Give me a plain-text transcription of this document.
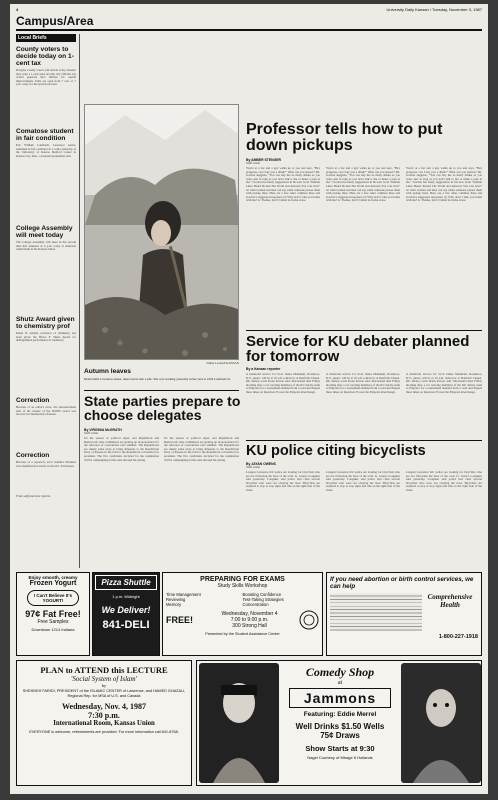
4	University Daily Kansan / Tuesday, November 3, 1987
Campus/Area
Local Briefs
County voters to decide today on 1-cent tax
Douglas County voters will decide today whether they want a 1-cent sales tax that city officials say would generate $4.2 million for capital improvements. Polls are open from 7 a.m. to 7 p.m. today for the special election.
Comatose student in fair condition
Eric William Lombardi, Lawrence senior, remained in fair condition in a coma yesterday at the University of Kansas Medical Center in Kansas City, Kan., a hospital spokesman said.
College Assembly will meet today
The College Assembly will meet in the second time this semester at 4 p.m. today at Alderson Auditorium in the Kansas Union.
Shutz Award given to chemistry prof
Ralph N. Adams, professor of chemistry, has been given the Bruce F. Shutz Award for distinguished performance in chemistry.
Correction
Because of an editor's error, the announcement date of the winner of the NOMS award was incorrect in Wednesday's Kansan.
Correction
Because of a reporter's error Jennifer Hawkins was identified incorrectly in the Oct. 30 Kansan.
From staff and wire reports.
Janine Leonard/KANSAN
Autumn leaves
Diana Dahl, Lawrence senior, rakes leaves into a pile. She was working yesterday in her yard at 2204 Louisiana St.
Professor tells how to put down pickups
By AMBER STENGER
Staff writer
You're at a bar and a guy walks up to you and says, "Hey gorgeous, can I buy you a drink?" What can you answer? Mr. Gordon suggests, "You can buy me as many drinks as you want, just as long as you don't talk to me or make a pass at me." Gordon has many suggestions in his new book "Infinite Lines Heard 'Round The World and Answers You Can Give" on what women and men can say when someone passes them with pickup lines. Here are a few other common lines and Gordon's suggested responses: Q: Why don't I take you home with me? A: Thanks, but I'd rather be home alone.
You're at a bar and a guy walks up to you and says, "Hey gorgeous, can I buy you a drink?" What can you answer? Mr. Gordon suggests, "You can buy me as many drinks as you want, just as long as you don't talk to me or make a pass at me." Gordon has many suggestions in his new book "Infinite Lines Heard 'Round The World and Answers You Can Give" on what women and men can say when someone passes them with pickup lines. Here are a few other common lines and Gordon's suggested responses: Q: Why don't I take you home with me? A: Thanks, but I'd rather be home alone.
You're at a bar and a guy walks up to you and says, "Hey gorgeous, can I buy you a drink?" What can you answer? Mr. Gordon suggests, "You can buy me as many drinks as you want, just as long as you don't talk to me or make a pass at me." Gordon has many suggestions in his new book "Infinite Lines Heard 'Round The World and Answers You Can Give" on what women and men can say when someone passes them with pickup lines. Here are a few other common lines and Gordon's suggested responses: Q: Why don't I take you home with me? A: Thanks, but I'd rather be home alone.
Service for KU debater planned for tomorrow
By a Kansan reporter
A memorial service for Scott James Markham, Rossmoor, N.Y., junior, will be at 10 a.m. tomorrow at Danforth Chapel. KU debate coach Donn Parson said. Macdonald died Friday morning after a car carrying members of the KU debate team to Emporia for a tournament skidded from a road and flipped three times on Interstate 35 near the Emporia interchange.
A memorial service for Scott James Markham, Rossmoor, N.Y., junior, will be at 10 a.m. tomorrow at Danforth Chapel. KU debate coach Donn Parson said. Macdonald died Friday morning after a car carrying members of the KU debate team to Emporia for a tournament skidded from a road and flipped three times on Interstate 35 near the Emporia interchange.
A memorial service for Scott James Markham, Rossmoor, N.Y., junior, will be at 10 a.m. tomorrow at Danforth Chapel. KU debate coach Donn Parson said. Macdonald died Friday morning after a car carrying members of the KU debate team to Emporia for a tournament skidded from a road and flipped three times on Interstate 35 near the Emporia interchange.
KU police citing bicyclists
By JAYAN OWENS
Staff writer
Longest Lawrence KU police are looking for bicyclists who are not following the laws of the road. Lt. Jessica Longaker said yesterday. Longaker said police had cited several bicyclists who were not obeying the laws. Bicyclists are required to stop at stop signs and ride on the right side of the street.
Longest Lawrence KU police are looking for bicyclists who are not following the laws of the road. Lt. Jessica Longaker said yesterday. Longaker said police had cited several bicyclists who were not obeying the laws. Bicyclists are required to stop at stop signs and ride on the right side of the street.
Longest Lawrence KU police are looking for bicyclists who are not following the laws of the road. Lt. Jessica Longaker said yesterday. Longaker said police had cited several bicyclists who were not obeying the laws. Bicyclists are required to stop at stop signs and ride on the right side of the street.
State parties prepare to choose delegates
By VIRGINIA McGRATH
Staff writer
It's the season of political rapes, and Republican and Democratic state committees are gearing up in preparation for the selection of conventions next summer. The Republicans are taking some steps to bring delegates to the Republican Party of Kansas in the fall for the Republican convention for president. The five candidates declared for the nomination will be campaigning in the state through the spring.
It's the season of political rapes, and Republican and Democratic state committees are gearing up in preparation for the selection of conventions next summer. The Republicans are taking some steps to bring delegates to the Republican Party of Kansas in the fall for the Republican convention for president. The five candidates declared for the nomination will be campaigning in the state through the spring.
Enjoy smooth, creamy
Frozen Yogurt
I Can't Believe It's YOGURT!
97¢ Fat Free!
Free Samples
Downtown 1214 Indiana
Pizza Shuttle
1 p.m. Midnight
We Deliver!
841-DELI
PREPARING FOR EXAMS
Study Skills Workshop
Time Management
Reviewing
Memory
Boosting Confidence
Test-Taking Strategies
Concentration
FREE!
Wednesday, November 4
7:00 to 9:00 p.m.
300 Strong Hall
Presented by the Student Assistance Center
If you need abortion or birth control services, we can help
Comprehensive Health
1-800-227-1918
PLAN to ATTEND this LECTURE
'Social System of Islam'
by
SHEHDEH FARIDI, PRESIDENT of the ISLAMIC CENTER of Lawrence, and HAMED GHAZALI, Regional Rep. for MSA of U.S. and Canada
Wednesday, Nov. 4, 1987
7:30 p.m.
International Room, Kansas Union
EVERYONE is welcome, refreshments are provided. For more information call 841-8768.
Comedy Shop
at
Jammons
Featuring: Eddie Merrel
Well Drinks $1.50 Wells
75¢ Draws
Show Starts at 9:30
Nagel Courtesy of Mirage 6 Hollands
